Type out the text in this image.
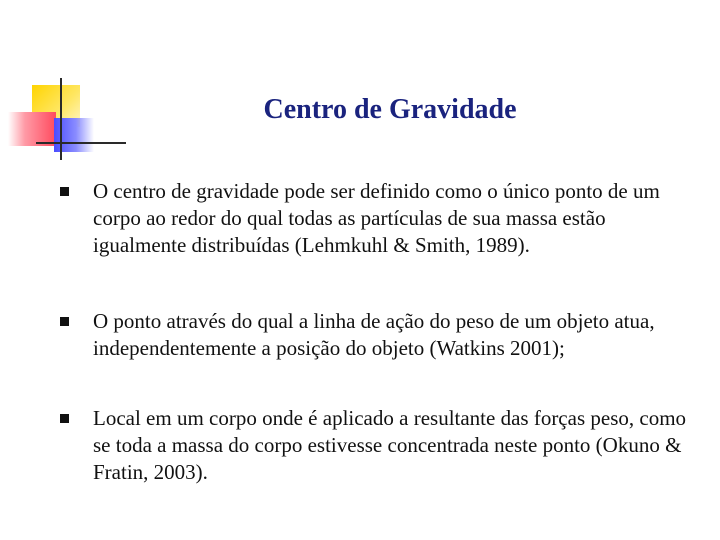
Centro de Gravidade
O centro de gravidade pode ser definido como o único ponto de um corpo ao redor do qual todas as partículas de sua massa estão igualmente distribuídas (Lehmkuhl & Smith, 1989).
O ponto através do qual a linha de ação do peso de um objeto atua, independentemente a posição do objeto (Watkins 2001);
Local em um corpo onde é aplicado a resultante das forças peso, como se toda a massa do corpo estivesse concentrada neste ponto (Okuno & Fratin, 2003).
